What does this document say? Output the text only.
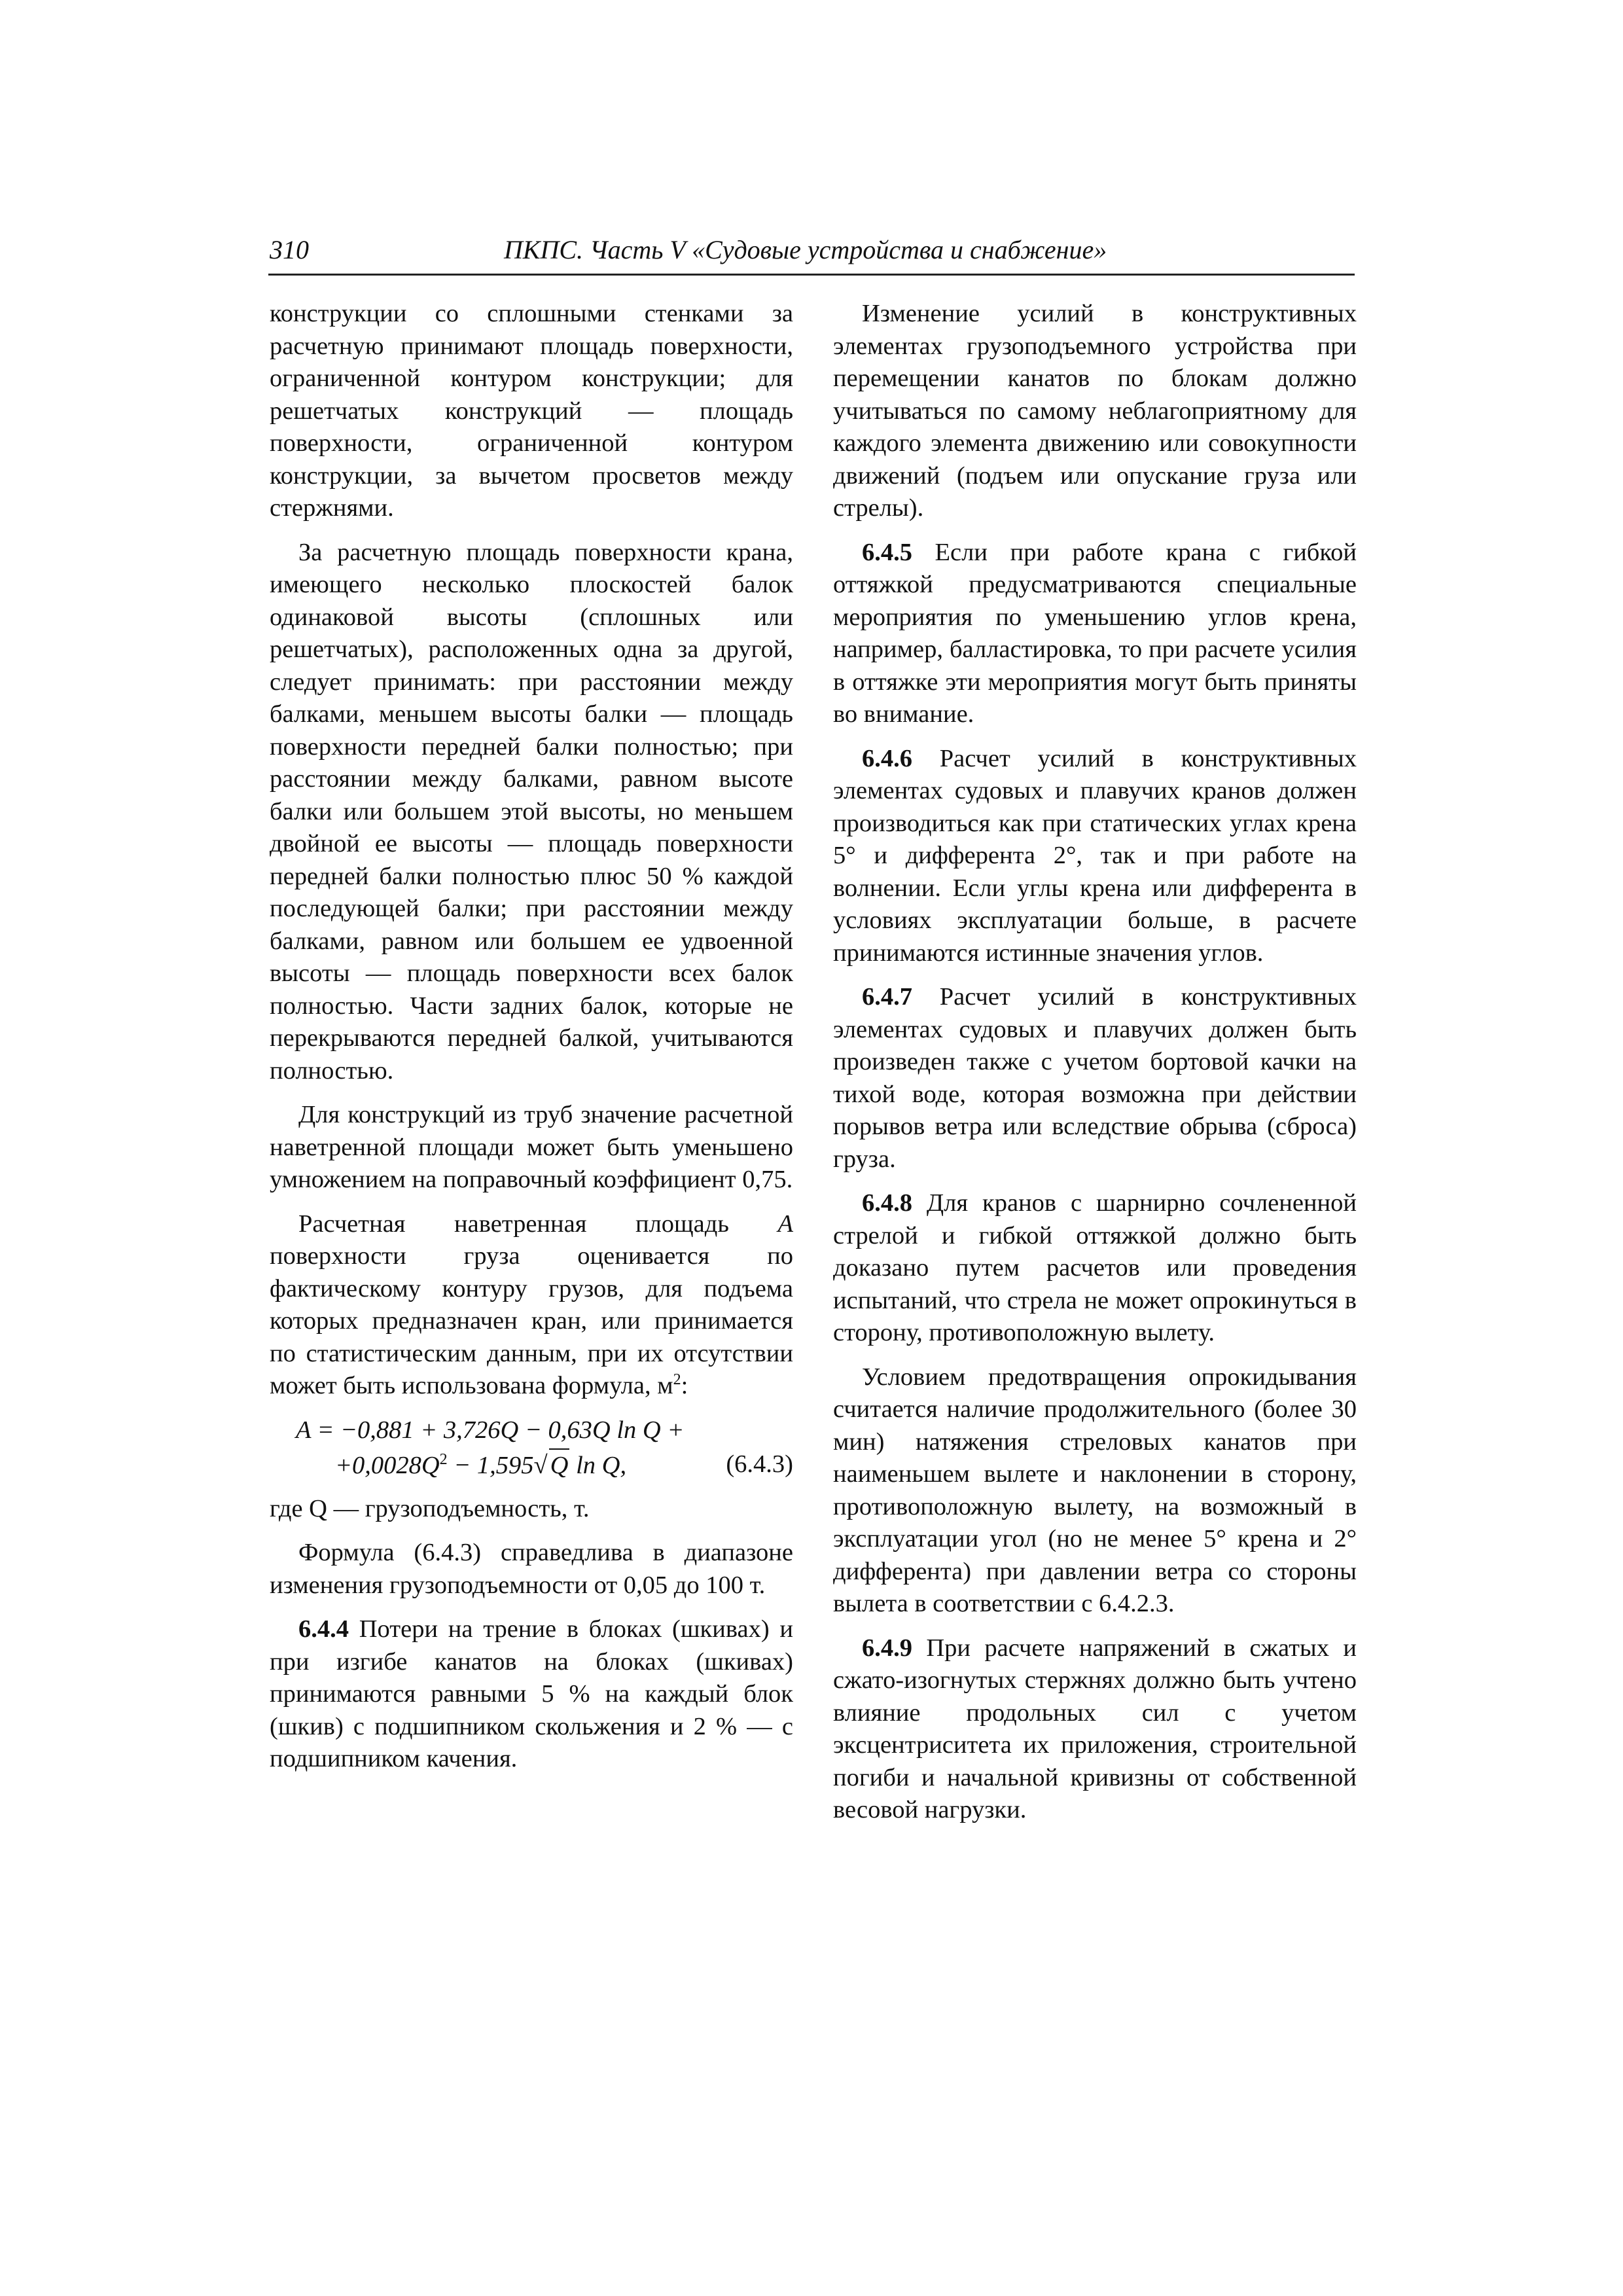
310	ПКПС. Часть V «Судовые устройства и снабжение»

конструкции со сплошными стенками за расчетную принимают площадь поверхности, ограниченной контуром конструкции; для решетчатых конструкций — площадь поверхности, ограниченной контуром конструкции, за вычетом просветов между стержнями.

За расчетную площадь поверхности крана, имеющего несколько плоскостей балок одинаковой высоты (сплошных или решетчатых), расположенных одна за другой, следует принимать: при расстоянии между балками, меньшем высоты балки — площадь поверхности передней балки полностью; при расстоянии между балками, равном высоте балки или большем этой высоты, но меньшем двойной ее высоты — площадь поверхности передней балки полностью плюс 50 % каждой последующей балки; при расстоянии между балками, равном или большем ее удвоенной высоты — площадь поверхности всех балок полностью. Части задних балок, которые не перекрываются передней балкой, учитываются полностью.

Для конструкций из труб значение расчетной наветренной площади может быть уменьшено умножением на поправочный коэффициент 0,75.

Расчетная наветренная площадь A поверхности груза оценивается по фактическому контуру грузов, для подъема которых предназначен кран, или принимается по статистическим данным, при их отсутствии может быть использована формула, $м^2$:

A = −0,881 + 3,726Q − 0,63Q ln Q +
$+0,0028Q^2 - 1,595√$ Q ln Q,	(6.4.3)

где Q — грузоподъемность, т.

Формула (6.4.3) справедлива в диапазоне изменения грузоподъемности от 0,05 до 100 т.

6.4.4 Потери на трение в блоках (шкивах) и при изгибе канатов на блоках (шкивах) принимаются равными 5 % на каждый блок (шкив) с подшипником скольжения и 2 % — с подшипником качения.

Изменение усилий в конструктивных элементах грузоподъемного устройства при перемещении канатов по блокам должно учитываться по самому неблагоприятному для каждого элемента движению или совокупности движений (подъем или опускание груза или стрелы).

6.4.5 Если при работе крана с гибкой оттяжкой предусматриваются специальные мероприятия по уменьшению углов крена, например, балластировка, то при расчете усилия в оттяжке эти мероприятия могут быть приняты во внимание.

6.4.6 Расчет усилий в конструктивных элементах судовых и плавучих кранов должен производиться как при статических углах крена 5° и дифферента 2°, так и при работе на волнении. Если углы крена или дифферента в условиях эксплуатации больше, в расчете принимаются истинные значения углов.

6.4.7 Расчет усилий в конструктивных элементах судовых и плавучих должен быть произведен также с учетом бортовой качки на тихой воде, которая возможна при действии порывов ветра или вследствие обрыва (сброса) груза.

6.4.8 Для кранов с шарнирно сочлененной стрелой и гибкой оттяжкой должно быть доказано путем расчетов или проведения испытаний, что стрела не может опрокинуться в сторону, противоположную вылету.

Условием предотвращения опрокидывания считается наличие продолжительного (более 30 мин) натяжения стреловых канатов при наименьшем вылете и наклонении в сторону, противоположную вылету, на возможный в эксплуатации угол (но не менее 5° крена и 2° дифферента) при давлении ветра со стороны вылета в соответствии с 6.4.2.3.

6.4.9 При расчете напряжений в сжатых и сжато-изогнутых стержнях должно быть учтено влияние продольных сил с учетом эксцентриситета их приложения, строительной погиби и начальной кривизны от собственной весовой нагрузки.
